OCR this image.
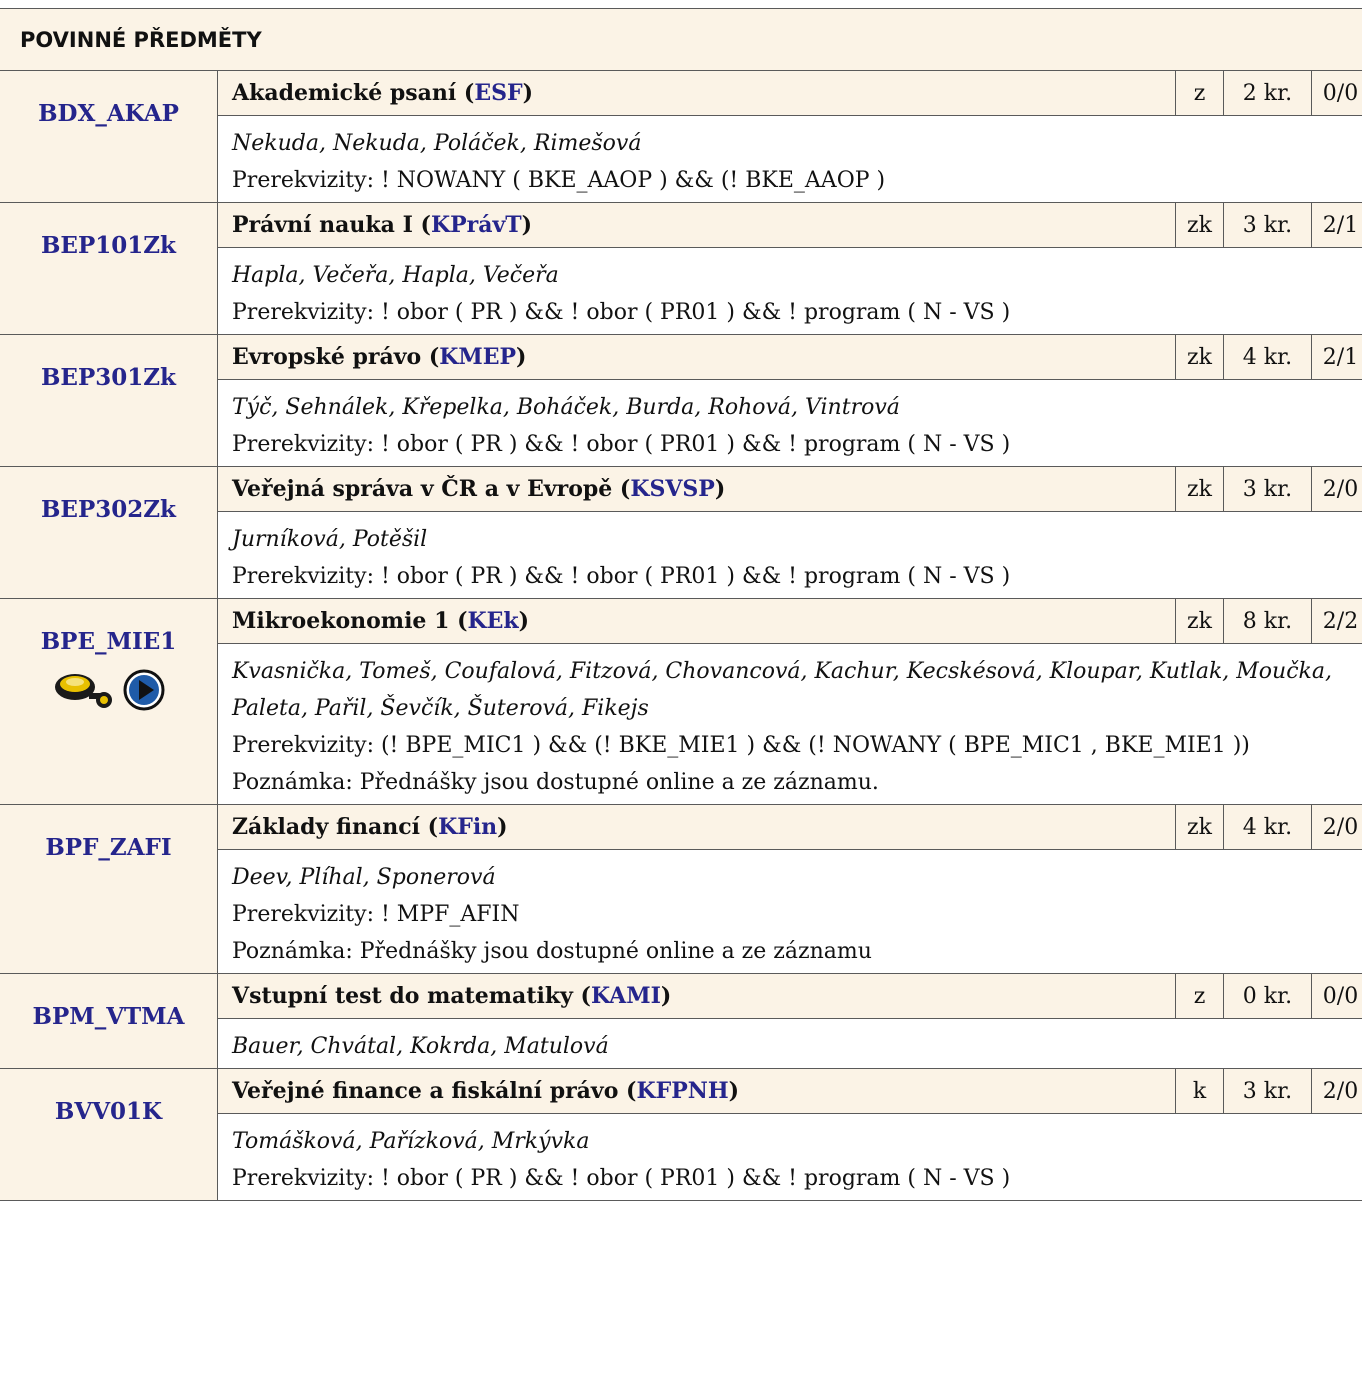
POVINNÉ PŘEDMĚTY				

BDX_AKAP	Akademické psaní (ESF)	z	2 kr.	0/0

	Nekuda, Nekuda, Poláček, Rimešová
Prerekvizity: ! NOWANY ( BKE_AAOP ) && (! BKE_AAOP )			

BEP101Zk	Právní nauka I (KPrávT)	zk	3 kr.	2/1

	Hapla, Večeřa, Hapla, Večeřa
Prerekvizity: ! obor ( PR ) && ! obor ( PR01 ) && ! program ( N - VS )			

BEP301Zk	Evropské právo (KMEP)	zk	4 kr.	2/1

	Týč, Sehnálek, Křepelka, Boháček, Burda, Rohová, Vintrová
Prerekvizity: ! obor ( PR ) && ! obor ( PR01 ) && ! program ( N - VS )			

BEP302Zk	Veřejná správa v ČR a v Evropě (KSVSP)	zk	3 kr.	2/0

	Jurníková, Potěšil
Prerekvizity: ! obor ( PR ) && ! obor ( PR01 ) && ! program ( N - VS )			

BPE_MIE1	Mikroekonomie 1 (KEk)	zk	8 kr.	2/2

	Kvasnička, Tomeš, Coufalová, Fitzová, Chovancová, Kachur, Kecskésová, Kloupar, Kutlak, Moučka, Paleta, Pařil, Ševčík, Šuterová, Fikejs
Prerekvizity: (! BPE_MIC1 ) && (! BKE_MIE1 ) && (! NOWANY ( BPE_MIC1 , BKE_MIE1 ))
Poznámka: Přednášky jsou dostupné online a ze záznamu.			

BPF_ZAFI	Základy financí (KFin)	zk	4 kr.	2/0

	Deev, Plíhal, Sponerová
Prerekvizity: ! MPF_AFIN
Poznámka: Přednášky jsou dostupné online a ze záznamu			

BPM_VTMA	Vstupní test do matematiky (KAMI)	z	0 kr.	0/0

	Bauer, Chvátal, Kokrda, Matulová			

BVV01K	Veřejné finance a fiskální právo (KFPNH)	k	3 kr.	2/0

	Tomášková, Pařízková, Mrkývka
Prerekvizity: ! obor ( PR ) && ! obor ( PR01 ) && ! program ( N - VS )			
